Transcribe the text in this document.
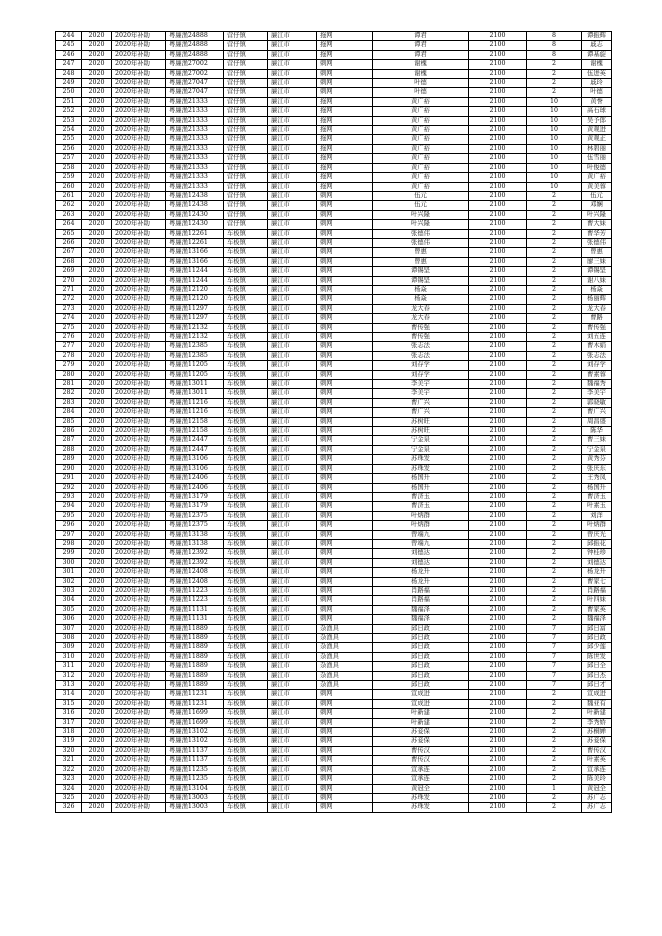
244	2020	2020年补助	粤廉渔24888	营仔镇	廉江市	拖网	谭君	2100	8	谭振辉
245	2020	2020年补助	粤廉渔24888	营仔镇	廉江市	拖网	谭君	2100	8	戚志
246	2020	2020年补助	粤廉渔24888	营仔镇	廉江市	拖网	谭君	2100	8	谭基旋
247	2020	2020年补助	粤廉渔27002	营仔镇	廉江市	刺网	谢槐	2100	2	谢槐
248	2020	2020年补助	粤廉渔27002	营仔镇	廉江市	刺网	谢槐	2100	2	伍进英
249	2020	2020年补助	粤廉渔27047	营仔镇	廉江市	刺网	叶德	2100	2	戚玲
250	2020	2020年补助	粤廉渔27047	营仔镇	廉江市	刺网	叶德	2100	2	叶德
251	2020	2020年补助	粤廉渔21333	营仔镇	廉江市	拖网	黄广裕	2100	10	黄誉
252	2020	2020年补助	粤廉渔21333	营仔镇	廉江市	拖网	黄广裕	2100	10	高石球
253	2020	2020年补助	粤廉渔21333	营仔镇	廉江市	拖网	黄广裕	2100	10	吴予郎
254	2020	2020年补助	粤廉渔21333	营仔镇	廉江市	拖网	黄广裕	2100	10	黄观进
255	2020	2020年补助	粤廉渔21333	营仔镇	廉江市	拖网	黄广裕	2100	10	黄观正
256	2020	2020年补助	粤廉渔21333	营仔镇	廉江市	拖网	黄广裕	2100	10	林碧丽
257	2020	2020年补助	粤廉渔21333	营仔镇	廉江市	拖网	黄广裕	2100	10	伍雪丽
258	2020	2020年补助	粤廉渔21333	营仔镇	廉江市	拖网	黄广裕	2100	10	叶俊德
259	2020	2020年补助	粤廉渔21333	营仔镇	廉江市	拖网	黄广裕	2100	10	黄广裕
260	2020	2020年补助	粤廉渔21333	营仔镇	廉江市	拖网	黄广裕	2100	10	黄美蓉
261	2020	2020年补助	粤廉渔12438	营仔镇	廉江市	刺网	伍元	2100	2	伍元
262	2020	2020年补助	粤廉渔12438	营仔镇	廉江市	刺网	伍元	2100	2	邓娴
263	2020	2020年补助	粤廉渔12430	营仔镇	廉江市	刺网	叶兴隆	2100	2	叶兴隆
264	2020	2020年补助	粤廉渔12430	营仔镇	廉江市	刺网	叶兴隆	2100	2	曹大妹
265	2020	2020年补助	粤廉渔12261	车板镇	廉江市	刺网	张德伟	2100	2	曹华芳
266	2020	2020年补助	粤廉渔12261	车板镇	廉江市	刺网	张德伟	2100	2	张德伟
267	2020	2020年补助	粤廉渔13166	车板镇	廉江市	刺网	曾惠	2100	2	曾惠
268	2020	2020年补助	粤廉渔13166	车板镇	廉江市	刺网	曾惠	2100	2	廖三妹
269	2020	2020年补助	粤廉渔11244	车板镇	廉江市	刺网	谭锡坚	2100	2	谭锡坚
270	2020	2020年补助	粤廉渔11244	车板镇	廉江市	刺网	谭锡坚	2100	2	谢八妹
271	2020	2020年补助	粤廉渔12120	车板镇	廉江市	刺网	杨焱	2100	2	杨焱
272	2020	2020年补助	粤廉渔12120	车板镇	廉江市	刺网	杨焱	2100	2	杨丽辉
273	2020	2020年补助	粤廉渔11297	车板镇	廉江市	刺网	龙大春	2100	2	龙大春
274	2020	2020年补助	粤廉渔11297	车板镇	廉江市	刺网	龙大春	2100	2	曹路
275	2020	2020年补助	粤廉渔12132	车板镇	廉江市	刺网	曹传强	2100	2	曹传强
276	2020	2020年补助	粤廉渔12132	车板镇	廉江市	刺网	曹传强	2100	2	刘五连
277	2020	2020年补助	粤廉渔12385	车板镇	廉江市	刺网	张志法	2100	2	曹木娟
278	2020	2020年补助	粤廉渔12385	车板镇	廉江市	刺网	张志法	2100	2	张志法
279	2020	2020年补助	粤廉渔11205	车板镇	廉江市	刺网	刘存学	2100	2	刘存学
280	2020	2020年补助	粤廉渔11205	车板镇	廉江市	刺网	刘存学	2100	2	曹素蓉
281	2020	2020年补助	粤廉渔13011	车板镇	廉江市	刺网	李美宇	2100	2	魏福秀
282	2020	2020年补助	粤廉渔13011	车板镇	廉江市	刺网	李美宇	2100	2	李美宇
283	2020	2020年补助	粤廉渔11216	车板镇	廉江市	刺网	曹广兴	2100	2	郭晓敏
284	2020	2020年补助	粤廉渔11216	车板镇	廉江市	刺网	曹广兴	2100	2	曹广兴
285	2020	2020年补助	粤廉渔12158	车板镇	廉江市	刺网	苏树旺	2100	2	周昌盛
286	2020	2020年补助	粤廉渔12158	车板镇	廉江市	刺网	苏树旺	2100	2	陈华
287	2020	2020年补助	粤廉渔12447	车板镇	廉江市	刺网	宁金泉	2100	2	曹三妹
288	2020	2020年补助	粤廉渔12447	车板镇	廉江市	刺网	宁金泉	2100	2	宁金泉
289	2020	2020年补助	粤廉渔13106	车板镇	廉江市	刺网	苏珠发	2100	2	黄秀芬
290	2020	2020年补助	粤廉渔13106	车板镇	廉江市	刺网	苏珠发	2100	2	张庆东
291	2020	2020年补助	粤廉渔12406	车板镇	廉江市	刺网	杨国升	2100	2	王秀凤
292	2020	2020年补助	粤廉渔12406	车板镇	廉江市	刺网	杨国升	2100	2	杨国升
293	2020	2020年补助	粤廉渔13179	车板镇	廉江市	刺网	曹济玉	2100	2	曹济玉
294	2020	2020年补助	粤廉渔13179	车板镇	廉江市	刺网	曹济玉	2100	2	叶素玉
295	2020	2020年补助	粤廉渔12375	车板镇	廉江市	刺网	叶炳群	2100	2	刘洋
296	2020	2020年补助	粤廉渔12375	车板镇	廉江市	刺网	叶炳群	2100	2	叶炳群
297	2020	2020年补助	粤廉渔13138	车板镇	廉江市	刺网	曾端九	2100	2	曾庆光
298	2020	2020年补助	粤廉渔13138	车板镇	廉江市	刺网	曾端九	2100	2	邱振花
299	2020	2020年补助	粤廉渔12392	车板镇	廉江市	刺网	刘德达	2100	2	钟桂珍
300	2020	2020年补助	粤廉渔12392	车板镇	廉江市	刺网	刘德达	2100	2	刘德达
301	2020	2020年补助	粤廉渔12408	车板镇	廉江市	刺网	杨龙升	2100	2	杨龙升
302	2020	2020年补助	粤廉渔12408	车板镇	廉江市	刺网	杨龙升	2100	2	曹家七
303	2020	2020年补助	粤廉渔11223	车板镇	廉江市	刺网	肖路福	2100	2	肖路福
304	2020	2020年补助	粤廉渔11223	车板镇	廉江市	刺网	肖路福	2100	2	叶四妹
305	2020	2020年补助	粤廉渔11131	车板镇	廉江市	刺网	魏福泽	2100	2	曹家英
306	2020	2020年补助	粤廉渔11131	车板镇	廉江市	刺网	魏福泽	2100	2	魏福泽
307	2020	2020年补助	粤廉渔11889	车板镇	廉江市	杂渔具	邱日政	2100	7	邱日富
308	2020	2020年补助	粤廉渔11889	车板镇	廉江市	杂渔具	邱日政	2100	7	邱日政
309	2020	2020年补助	粤廉渔11889	车板镇	廉江市	杂渔具	邱日政	2100	7	邱少莲
310	2020	2020年补助	粤廉渔11889	车板镇	廉江市	杂渔具	邱日政	2100	7	陈世发
311	2020	2020年补助	粤廉渔11889	车板镇	廉江市	杂渔具	邱日政	2100	7	邱日全
312	2020	2020年补助	粤廉渔11889	车板镇	廉江市	杂渔具	邱日政	2100	7	邱日杰
313	2020	2020年补助	粤廉渔11889	车板镇	廉江市	杂渔具	邱日政	2100	7	邱日才
314	2020	2020年补助	粤廉渔11231	车板镇	廉江市	刺网	宣成进	2100	2	宣成进
315	2020	2020年补助	粤廉渔11231	车板镇	廉江市	刺网	宣成进	2100	2	魏亚有
316	2020	2020年补助	粤廉渔11699	车板镇	廉江市	刺网	叶新建	2100	2	叶新建
317	2020	2020年补助	粤廉渔11699	车板镇	廉江市	刺网	叶新建	2100	2	李秀娇
318	2020	2020年补助	粤廉渔13102	车板镇	廉江市	刺网	苏妾保	2100	2	苏桐婵
319	2020	2020年补助	粤廉渔13102	车板镇	廉江市	刺网	苏妾保	2100	2	苏妾保
320	2020	2020年补助	粤廉渔11137	车板镇	廉江市	刺网	曹传汉	2100	2	曹传汉
321	2020	2020年补助	粤廉渔11137	车板镇	廉江市	刺网	曹传汉	2100	2	叶素英
322	2020	2020年补助	粤廉渔11235	车板镇	廉江市	刺网	宣承连	2100	2	宣承连
323	2020	2020年补助	粤廉渔11235	车板镇	廉江市	刺网	宣承连	2100	2	陈美玲
324	2020	2020年补助	粤廉渔13104	车板镇	廉江市	刺网	黄冠全	2100	1	黄冠全
325	2020	2020年补助	粤廉渔13003	车板镇	廉江市	刺网	苏珠发	2100	2	苏广志
326	2020	2020年补助	粤廉渔13003	车板镇	廉江市	刺网	苏珠发	2100	2	苏广志
